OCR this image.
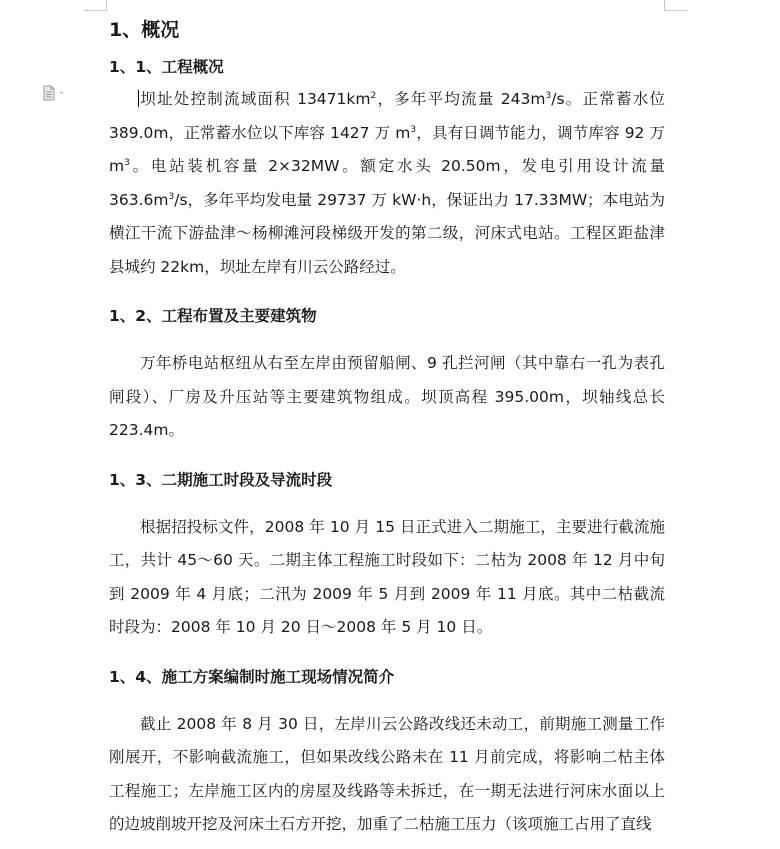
1、概况
1、1、工程概况

坝址处控制流域面积 $13471km^2$，多年平均流量 $243m^3/s$。正常蓄水位 389.0m，正常蓄水位以下库容 1427 万 $m^3$，具有日调节能力，调节库容 92 万 $m^3$。电站装机容量 2×32MW。额定水头 20.50m，发电引用设计流量 $363.6m^3/s$，多年平均发电量 29737 万 kW·h，保证出力 17.33MW；本电站为横江干流下游盐津～杨柳滩河段梯级开发的第二级，河床式电站。工程区距盐津县城约 22km，坝址左岸有川云公路经过。

1、2、工程布置及主要建筑物

万年桥电站枢纽从右至左岸由预留船闸、9 孔拦河闸（其中靠右一孔为表孔闸段）、厂房及升压站等主要建筑物组成。坝顶高程 395.00m，坝轴线总长 223.4m。

1、3、二期施工时段及导流时段

根据招投标文件，2008 年 10 月 15 日正式进入二期施工，主要进行截流施工，共计 45～60 天。二期主体工程施工时段如下：二枯为 2008 年 12 月中旬到 2009 年 4 月底；二汛为 2009 年 5 月到 2009 年 11 月底。其中二枯截流时段为：2008 年 10 月 20 日～2008 年 5 月 10 日。

1、4、施工方案编制时施工现场情况简介

截止 2008 年 8 月 30 日，左岸川云公路改线还未动工，前期施工测量工作刚展开，不影响截流施工，但如果改线公路未在 11 月前完成，将影响二枯主体工程施工；左岸施工区内的房屋及线路等未拆迁，在一期无法进行河床水面以上的边坡削坡开挖及河床土石方开挖，加重了二枯施工压力（该项施工占用了直线
